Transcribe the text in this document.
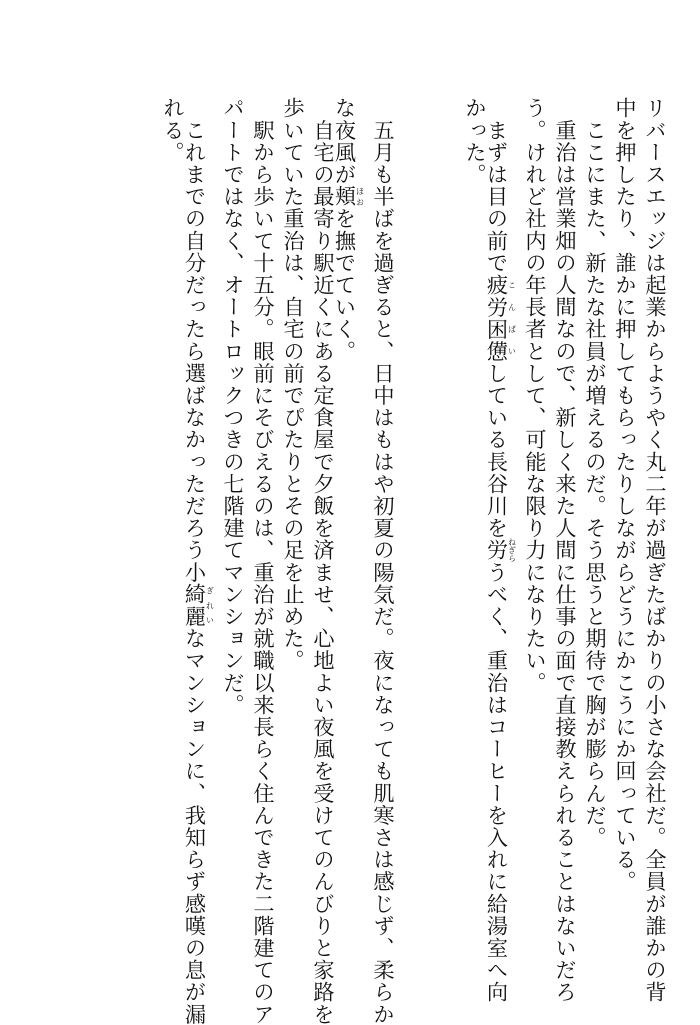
リバースエッジは起業からようやく丸二年が過ぎたばかりの小さな会社だ。全員が誰かの背
中を押したり、誰かに押してもらったりしながらどうにかこうにか回っている。
　ここにまた、新たな社員が増えるのだ。そう思うと期待で胸が膨らんだ。
　重治は営業畑の人間なので、新しく来た人間に仕事の面で直接教えられることはないだろ
う。けれど社内の年長者として、可能な限り力になりたい。
　まずは目の前で疲労困憊こんぱいしている長谷川を労ねぎらうべく、重治はコーヒーを入れに給湯室へ向
かった。
　五月も半ばを過ぎると、日中はもはや初夏の陽気だ。夜になっても肌寒さは感じず、柔らか
な夜風が頬ほおを撫でていく。
　自宅の最寄り駅近くにある定食屋で夕飯を済ませ、心地よい夜風を受けてのんびりと家路を
歩いていた重治は、自宅の前でぴたりとその足を止めた。
　駅から歩いて十五分。眼前にそびえるのは、重治が就職以来長らく住んできた二階建てのア
パートではなく、オートロックつきの七階建てマンションだ。
　これまでの自分だったら選ばなかっただろう小綺麗ぎれいなマンションに、我知らず感嘆の息が漏
れる。
